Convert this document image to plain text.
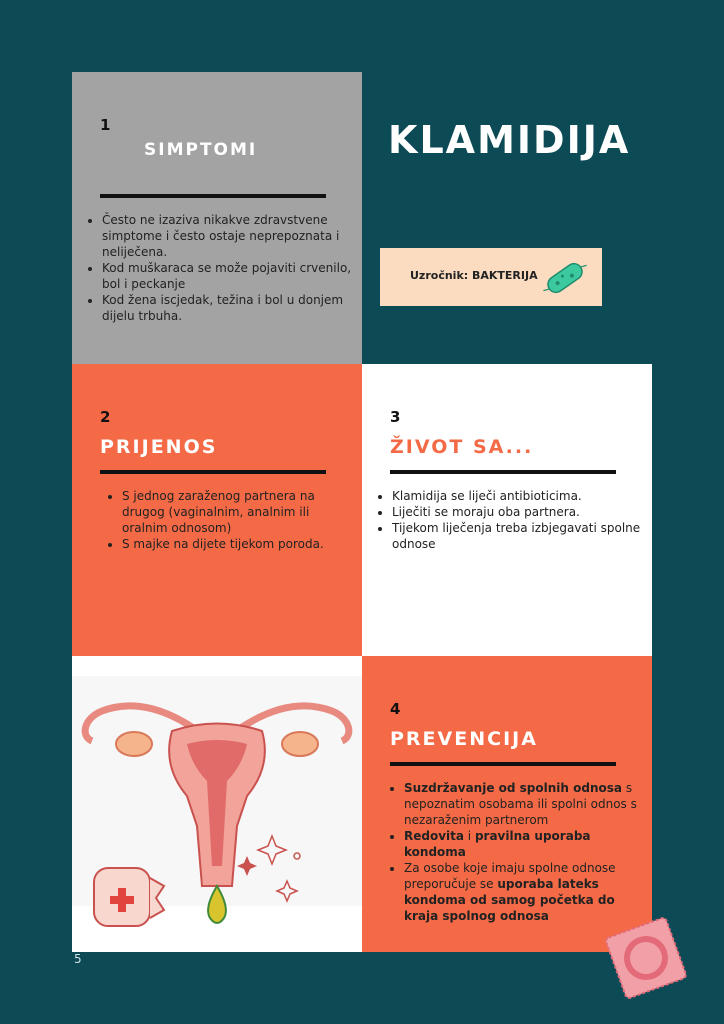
KLAMIDIJA
Uzročnik: BAKTERIJA
1
SIMPTOMI
• Često ne izaziva nikakve zdravstvene simptome i često ostaje neprepoznata i neliječena.
• Kod muškaraca se može pojaviti crvenilo, bol i peckanje
• Kod žena iscjedak, težina i bol u donjem dijelu trbuha.
2
PRIJENOS
• S jednog zaraženog partnera na drugog (vaginalnim, analnim ili oralnim odnosom)
• S majke na dijete tijekom poroda.
3
ŽIVOT SA...
• Klamidija se liječi antibioticima.
• Liječiti se moraju oba partnera.
• Tijekom liječenja treba izbjegavati spolne odnose
4
PREVENCIJA
• Suzdržavanje od spolnih odnosa s nepoznatim osobama ili spolni odnos s nezaraženim partnerom
• Redovita i pravilna uporaba kondoma
• Za osobe koje imaju spolne odnose preporučuje se uporaba lateks kondoma od samog početka do kraja spolnog odnosa
5
